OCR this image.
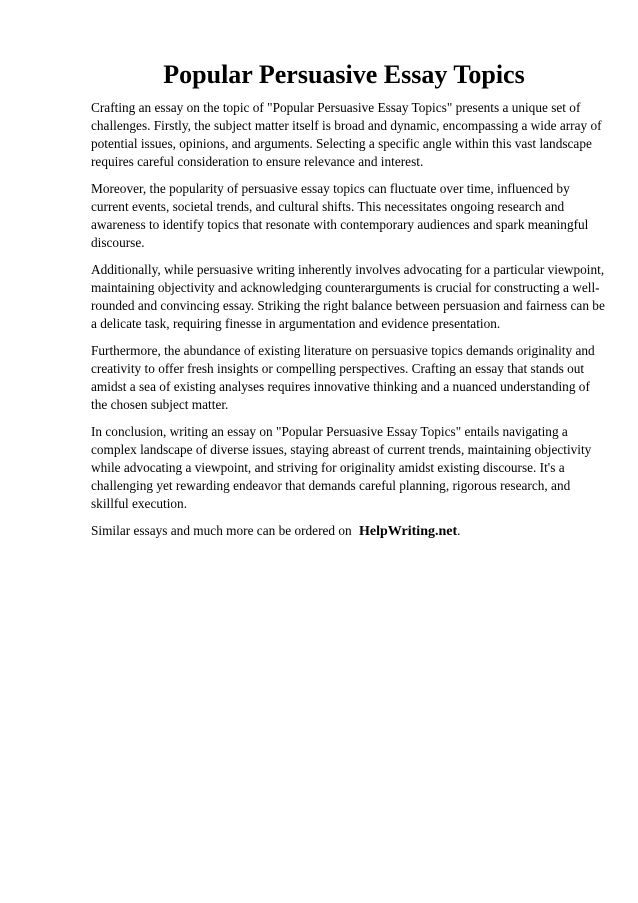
Popular Persuasive Essay Topics

Crafting an essay on the topic of "Popular Persuasive Essay Topics" presents a unique set of challenges. Firstly, the subject matter itself is broad and dynamic, encompassing a wide array of potential issues, opinions, and arguments. Selecting a specific angle within this vast landscape requires careful consideration to ensure relevance and interest.

Moreover, the popularity of persuasive essay topics can fluctuate over time, influenced by current events, societal trends, and cultural shifts. This necessitates ongoing research and awareness to identify topics that resonate with contemporary audiences and spark meaningful discourse.

Additionally, while persuasive writing inherently involves advocating for a particular viewpoint, maintaining objectivity and acknowledging counterarguments is crucial for constructing a well-rounded and convincing essay. Striking the right balance between persuasion and fairness can be a delicate task, requiring finesse in argumentation and evidence presentation.

Furthermore, the abundance of existing literature on persuasive topics demands originality and creativity to offer fresh insights or compelling perspectives. Crafting an essay that stands out amidst a sea of existing analyses requires innovative thinking and a nuanced understanding of the chosen subject matter.

In conclusion, writing an essay on "Popular Persuasive Essay Topics" entails navigating a complex landscape of diverse issues, staying abreast of current trends, maintaining objectivity while advocating a viewpoint, and striving for originality amidst existing discourse. It's a challenging yet rewarding endeavor that demands careful planning, rigorous research, and skillful execution.

Similar essays and much more can be ordered on HelpWriting.net.
